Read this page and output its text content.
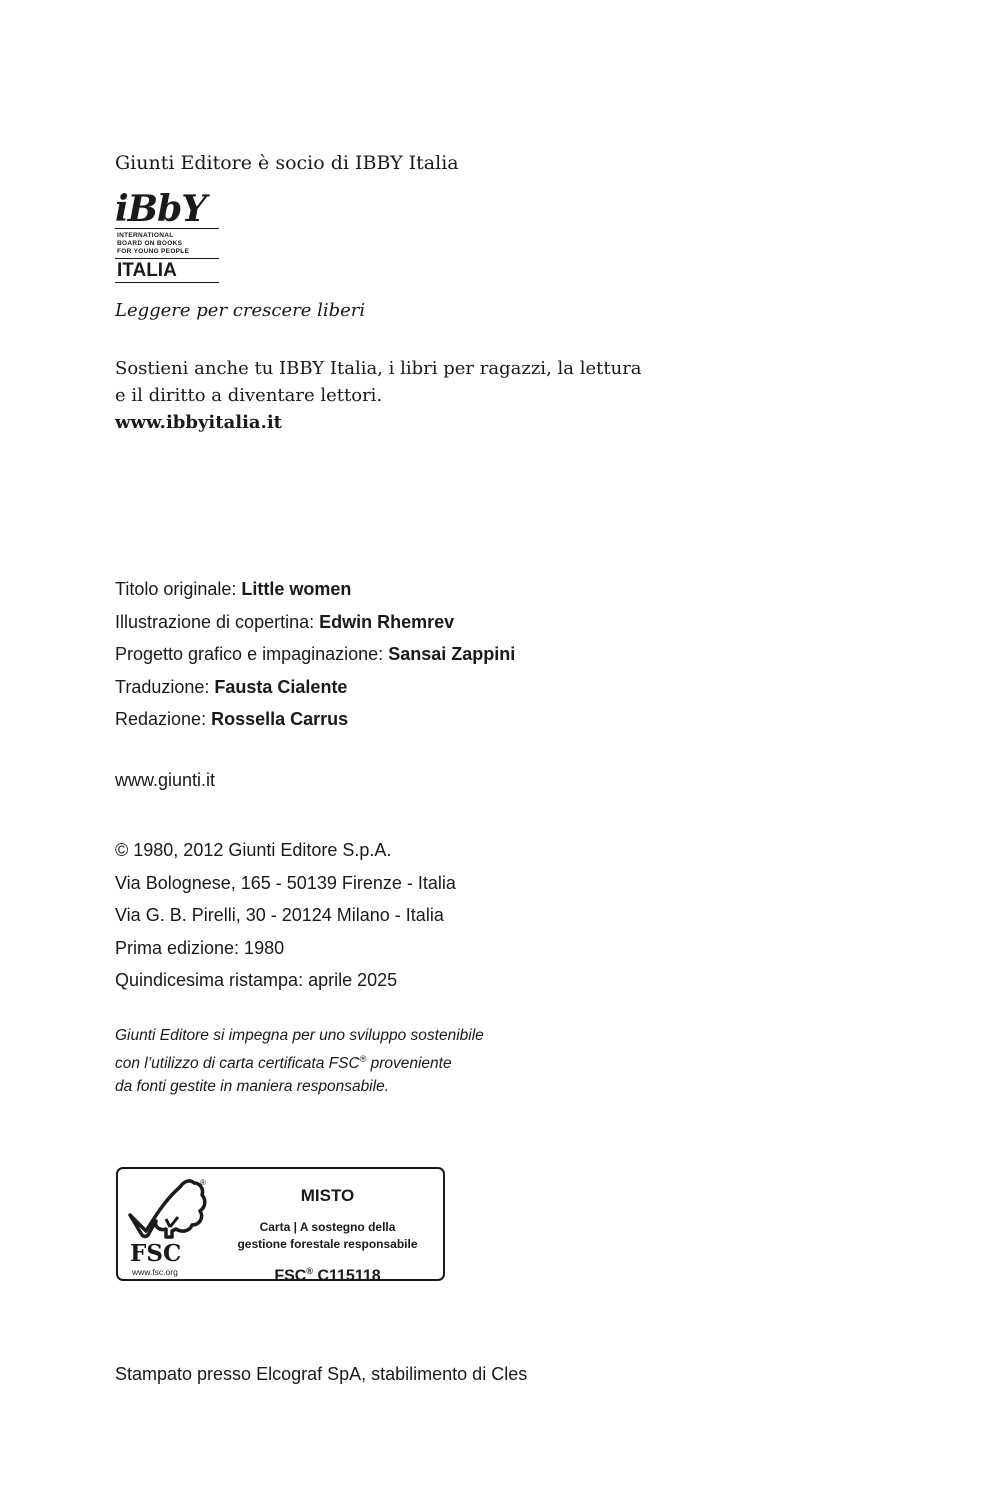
Giunti Editore è socio di IBBY Italia
iBbY
INTERNATIONAL
BOARD ON BOOKS
FOR YOUNG PEOPLE
ITALIA
Leggere per crescere liberi
Sostieni anche tu IBBY Italia, i libri per ragazzi, la lettura
e il diritto a diventare lettori.
www.ibbyitalia.it
Titolo originale: Little women
Illustrazione di copertina: Edwin Rhemrev
Progetto grafico e impaginazione: Sansai Zappini
Traduzione: Fausta Cialente
Redazione: Rossella Carrus
www.giunti.it
© 1980, 2012 Giunti Editore S.p.A.
Via Bolognese, 165 - 50139 Firenze - Italia
Via G. B. Pirelli, 30 - 20124 Milano - Italia
Prima edizione: 1980
Quindicesima ristampa: aprile 2025
Giunti Editore si impegna per uno sviluppo sostenibile
con l’utilizzo di carta certificata FSC® proveniente
da fonti gestite in maniera responsabile.
®
FSC
www.fsc.org
MISTO
Carta | A sostegno della
gestione forestale responsabile
FSC® C115118
Stampato presso Elcograf SpA, stabilimento di Cles
